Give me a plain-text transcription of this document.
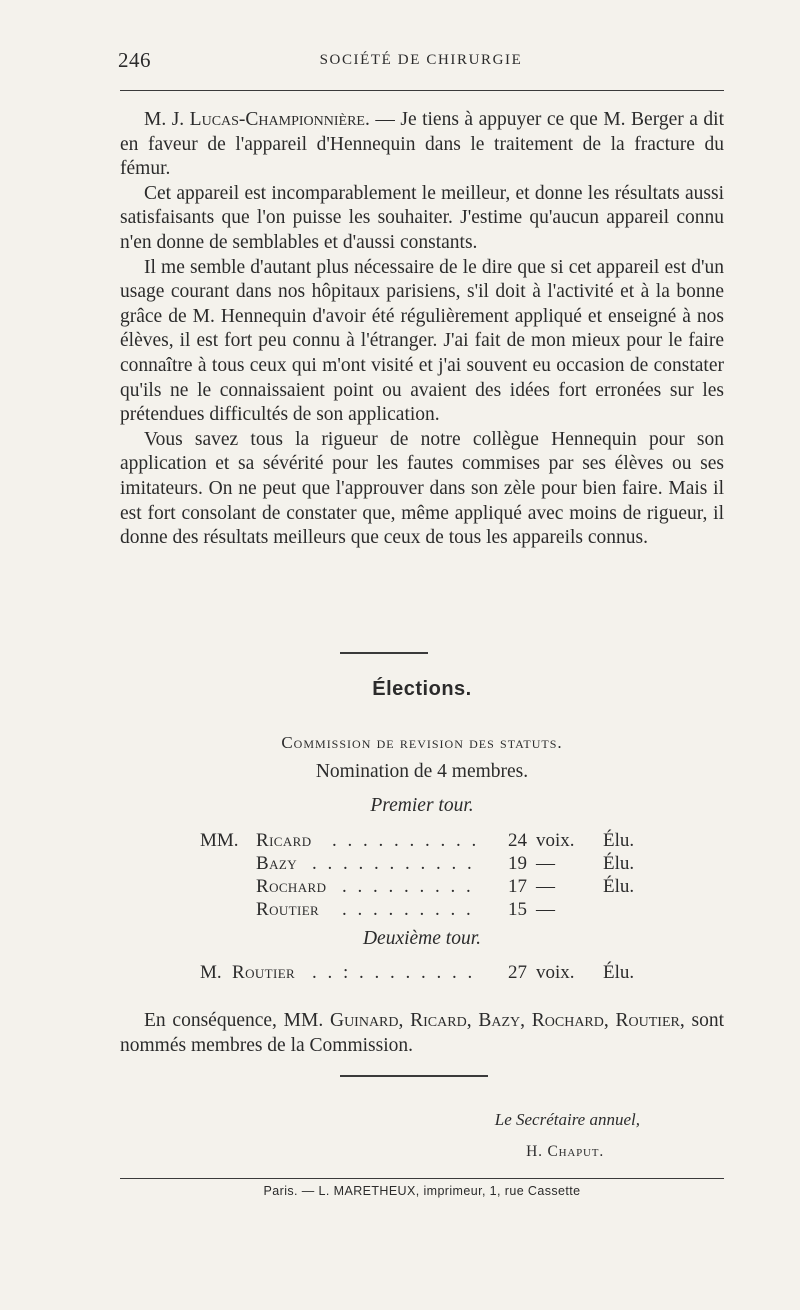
246	SOCIÉTÉ DE CHIRURGIE

M. J. Lucas-Championnière. — Je tiens à appuyer ce que M. Berger a dit en faveur de l'appareil d'Hennequin dans le traitement de la fracture du fémur.

Cet appareil est incomparablement le meilleur, et donne les résultats aussi satisfaisants que l'on puisse les souhaiter. J'estime qu'aucun appareil connu n'en donne de semblables et d'aussi constants.

Il me semble d'autant plus nécessaire de le dire que si cet appareil est d'un usage courant dans nos hôpitaux parisiens, s'il doit à l'activité et à la bonne grâce de M. Hennequin d'avoir été régulièrement appliqué et enseigné à nos élèves, il est fort peu connu à l'étranger. J'ai fait de mon mieux pour le faire connaître à tous ceux qui m'ont visité et j'ai souvent eu occasion de constater qu'ils ne le connaissaient point ou avaient des idées fort erronées sur les prétendues difficultés de son application.

Vous savez tous la rigueur de notre collègue Hennequin pour son application et sa sévérité pour les fautes commises par ses élèves ou ses imitateurs. On ne peut que l'approuver dans son zèle pour bien faire. Mais il est fort consolant de constater que, même appliqué avec moins de rigueur, il donne des résultats meilleurs que ceux de tous les appareils connus.

Élections.
Commission de revision des statuts.
Nomination de 4 membres.
Premier tour.
MM. Ricard . . . . . . . . . . 24 voix. Élu.
Bazy . . . . . . . . . . . 19 —	Élu.
Rochard . . . . . . . . . 17 —	Élu.
Routier . . . . . . . . . 15 —
Deuxième tour.
M. Routier . . : . . . . . . . . 27 voix. Élu.

En conséquence, MM. Guinard, Ricard, Bazy, Rochard, Routier, sont nommés membres de la Commission.

Le Secrétaire annuel,
H. Chaput.
Paris. — L. MARETHEUX, imprimeur, 1, rue Cassette
